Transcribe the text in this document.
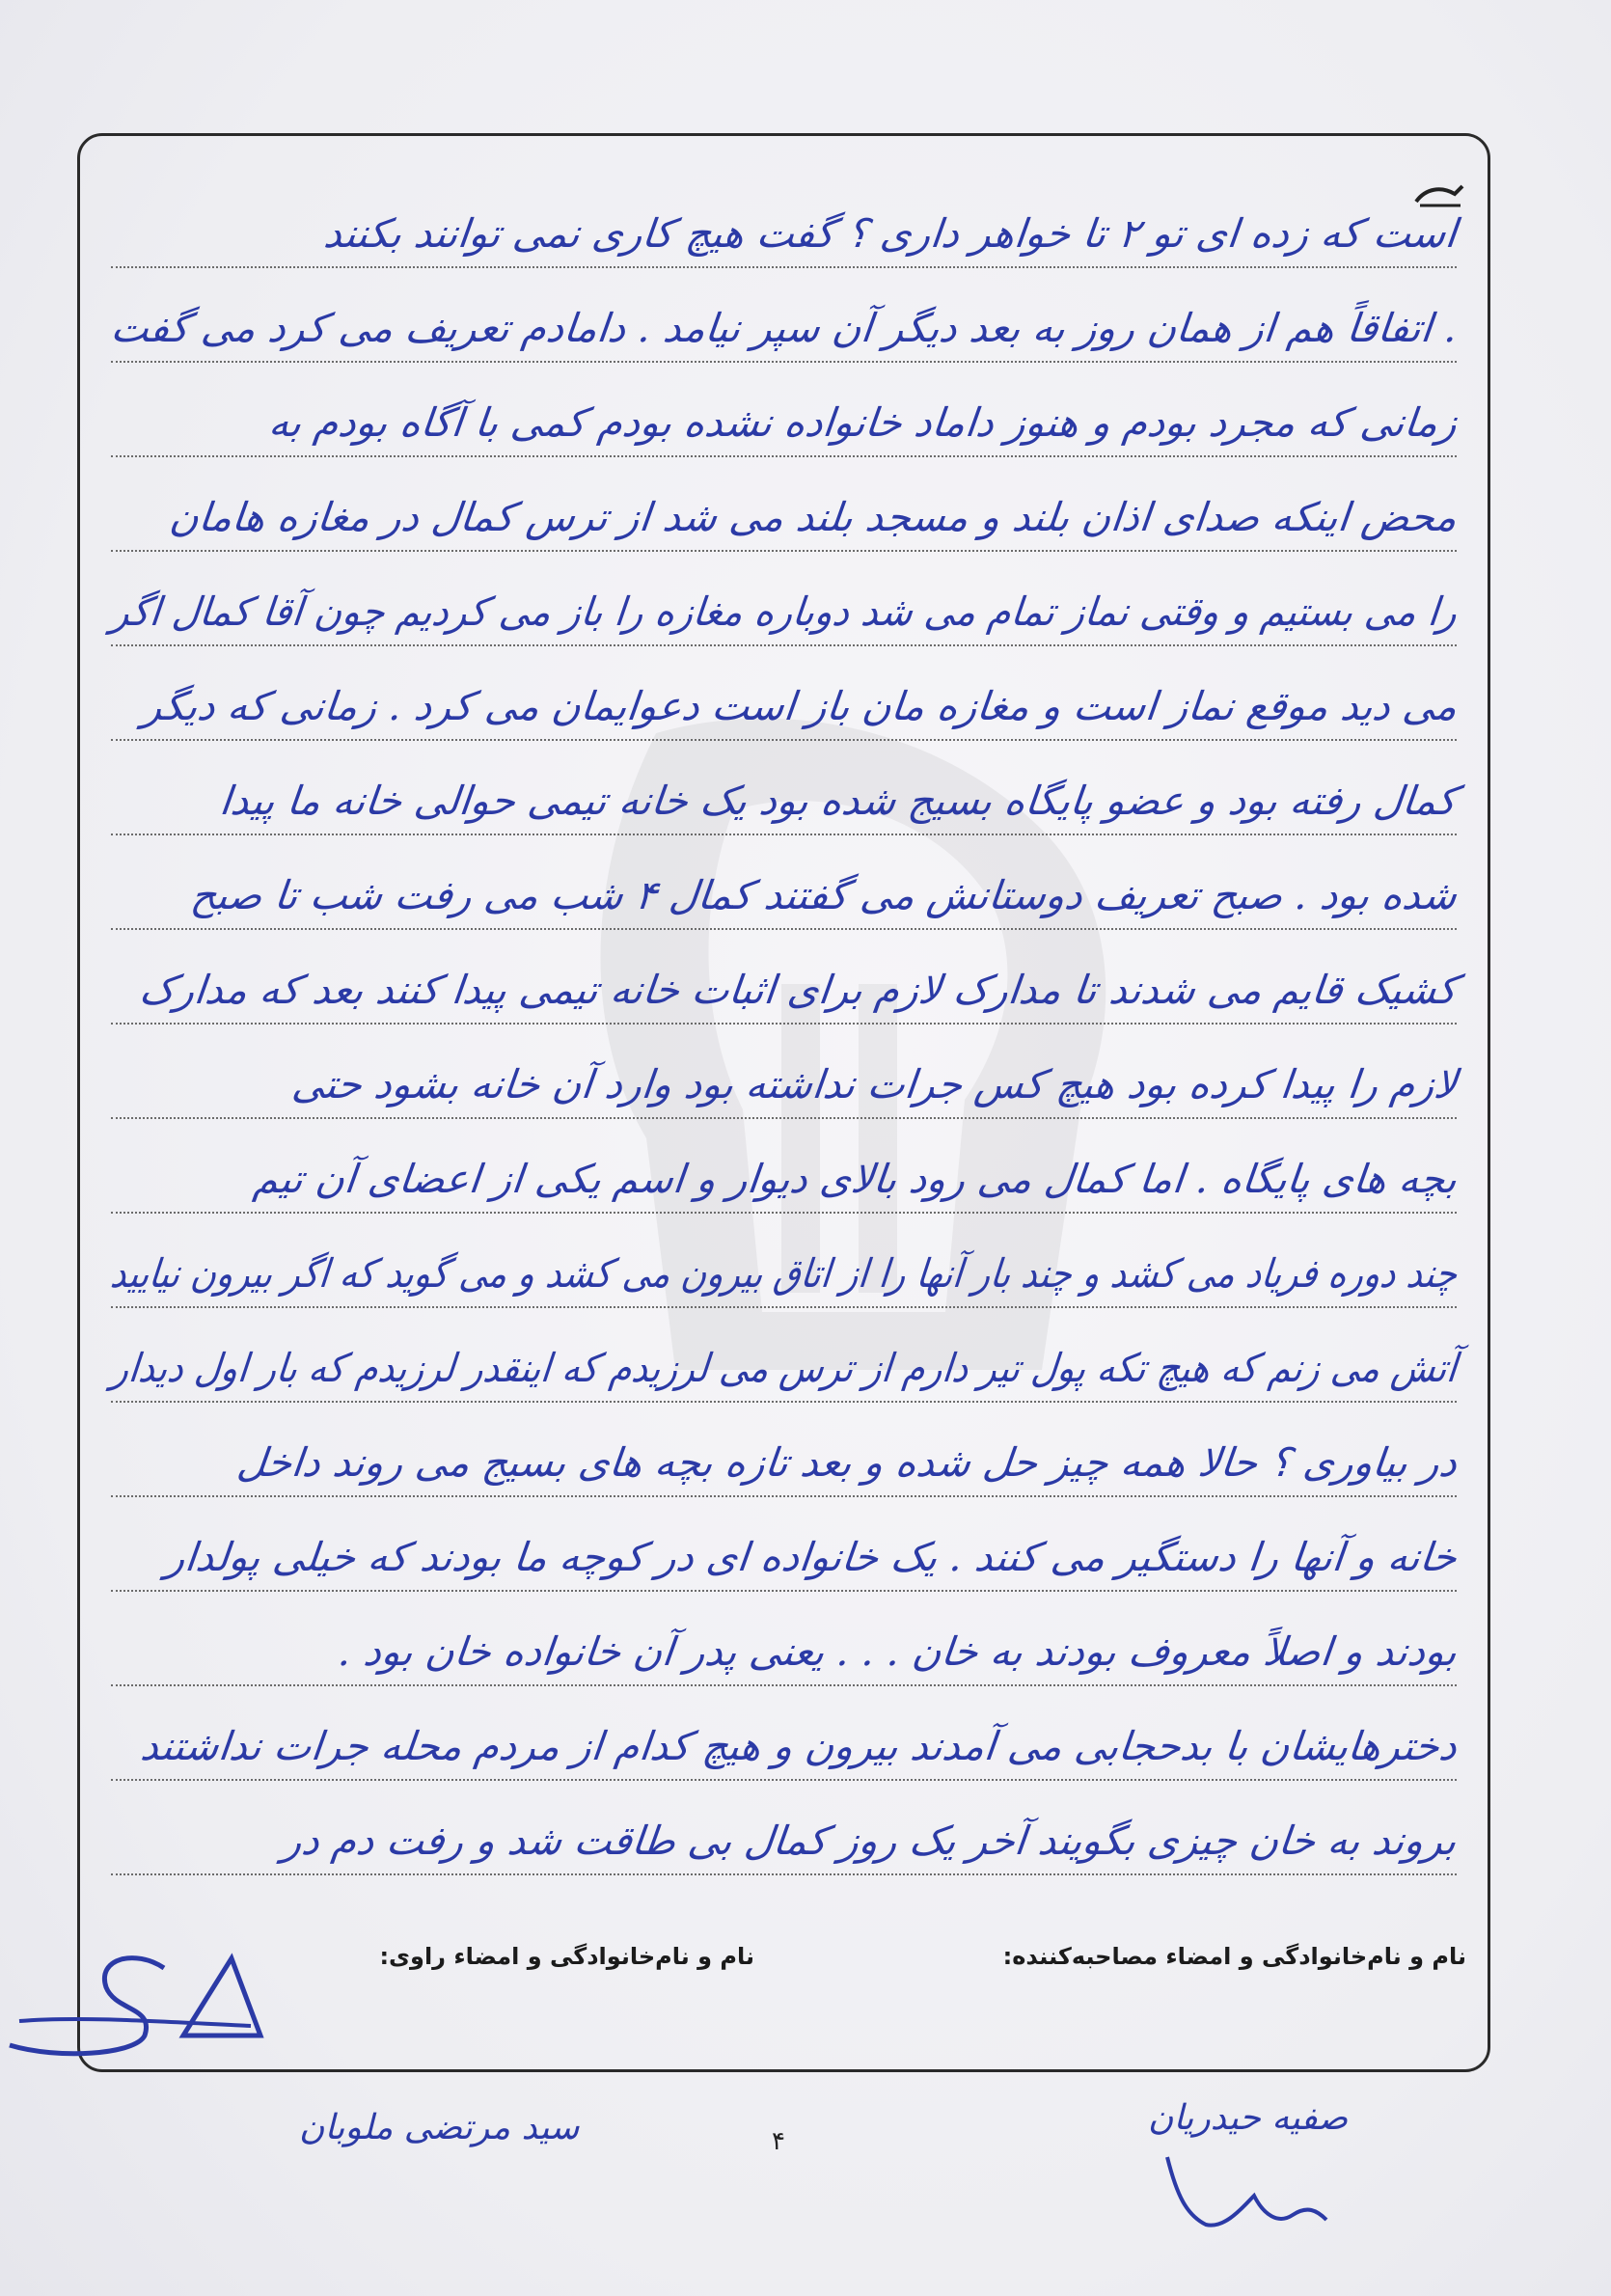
است که زده ای تو ۲ تا خواهر داری ؟ گفت هیچ کاری نمی توانند بکنند
. اتفاقاً هم از همان روز به بعد دیگر آن سپر نیامد . دامادم تعریف می کرد می گفت
زمانی که مجرد بودم و هنوز داماد خانواده نشده بودم کمی با آگاه بودم به
محض اینکه صدای اذان بلند و مسجد بلند می شد از ترس کمال در مغازه هامان
را می بستیم و وقتی نماز تمام می شد دوباره مغازه را باز می کردیم چون آقا کمال اگر
می دید موقع نماز است و مغازه مان باز است دعوایمان می کرد . زمانی که دیگر
کمال رفته بود و عضو پایگاه بسیج شده بود یک خانه تیمی حوالی خانه ما پیدا
شده بود . صبح تعریف دوستانش می گفتند کمال ۴ شب می رفت شب تا صبح
کشیک قایم می شدند تا مدارک لازم برای اثبات خانه تیمی پیدا کنند بعد که مدارک
لازم را پیدا کرده بود هیچ کس جرات نداشته بود وارد آن خانه بشود حتی
بچه های پایگاه . اما کمال می رود بالای دیوار و اسم یکی از اعضای آن تیم
چند دوره فریاد می کشد و چند بار آنها را از اتاق بیرون می کشد و می گوید که اگر بیرون نیایید
آتش می زنم که هیچ تکه پول تیر دارم از ترس می لرزیدم که اینقدر لرزیدم که بار اول دیدار
در بیاوری ؟ حالا همه چیز حل شده و بعد تازه بچه های بسیج می روند داخل
خانه و آنها را دستگیر می کنند . یک خانواده ای در کوچه ما بودند که خیلی پولدار
بودند و اصلاً معروف بودند به خان . . . یعنی پدر آن خانواده خان بود .
دخترهایشان با بدحجابی می آمدند بیرون و هیچ کدام از مردم محله جرات نداشتند
بروند به خان چیزی بگویند آخر یک روز کمال بی طاقت شد و رفت دم در
نام و نام‌خانوادگی و امضاء مصاحبه‌کننده:
نام و نام‌خانوادگی و امضاء راوی:
۴
صفیه حیدریان
سید مرتضی ملوبان
